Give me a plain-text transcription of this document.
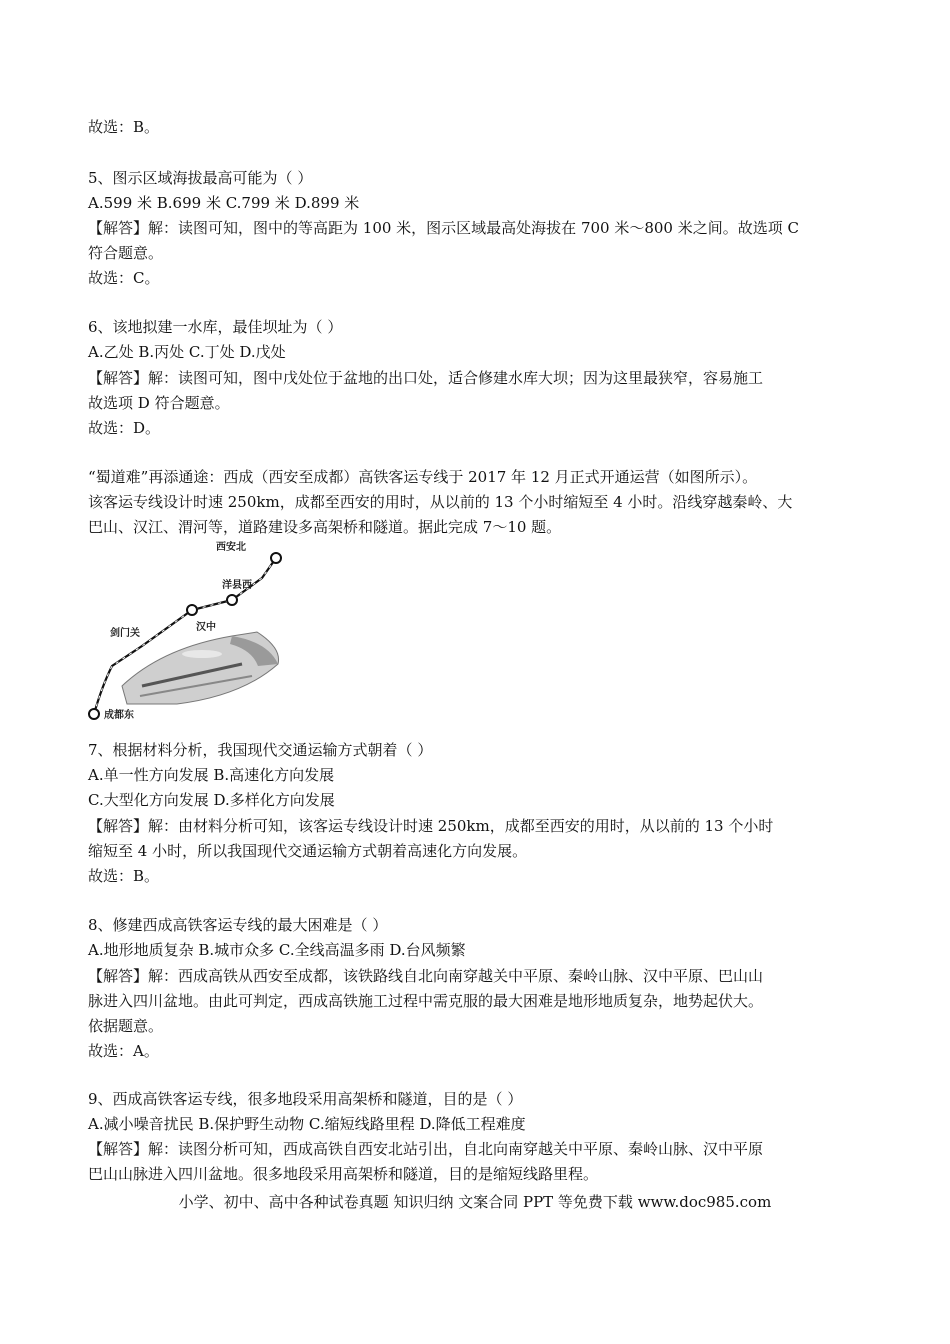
故选：B。
5、图示区域海拔最高可能为（ ）
A.599 米 B.699 米 C.799 米 D.899 米
【解答】解：读图可知，图中的等高距为 100 米，图示区域最高处海拔在 700 米～800 米之间。故选项 C
符合题意。
故选：C。
6、该地拟建一水库，最佳坝址为（ ）
A.乙处 B.丙处 C.丁处 D.戊处
【解答】解：读图可知，图中戊处位于盆地的出口处，适合修建水库大坝；因为这里最狭窄，容易施工
故选项 D 符合题意。
故选：D。
“蜀道难”再添通途：西成（西安至成都）高铁客运专线于 2017 年 12 月正式开通运营（如图所示）。
该客运专线设计时速 250km，成都至西安的用时，从以前的 13 个小时缩短至 4 小时。沿线穿越秦岭、大
巴山、汉江、渭河等，道路建设多高架桥和隧道。据此完成 7～10 题。
西安北
洋县西
汉中
剑门关
成都东
7、根据材料分析，我国现代交通运输方式朝着（ ）
A.单一性方向发展 B.高速化方向发展
C.大型化方向发展 D.多样化方向发展
【解答】解：由材料分析可知，该客运专线设计时速 250km，成都至西安的用时，从以前的 13 个小时
缩短至 4 小时，所以我国现代交通运输方式朝着高速化方向发展。
故选：B。
8、修建西成高铁客运专线的最大困难是（ ）
A.地形地质复杂 B.城市众多 C.全线高温多雨 D.台风频繁
【解答】解：西成高铁从西安至成都，该铁路线自北向南穿越关中平原、秦岭山脉、汉中平原、巴山山
脉进入四川盆地。由此可判定，西成高铁施工过程中需克服的最大困难是地形地质复杂，地势起伏大。
依据题意。
故选：A。
9、西成高铁客运专线，很多地段采用高架桥和隧道，目的是（ ）
A.减小噪音扰民 B.保护野生动物 C.缩短线路里程 D.降低工程难度
【解答】解：读图分析可知，西成高铁自西安北站引出，自北向南穿越关中平原、秦岭山脉、汉中平原
巴山山脉进入四川盆地。很多地段采用高架桥和隧道，目的是缩短线路里程。
小学、初中、高中各种试卷真题 知识归纳 文案合同 PPT 等免费下载 www.doc985.com
